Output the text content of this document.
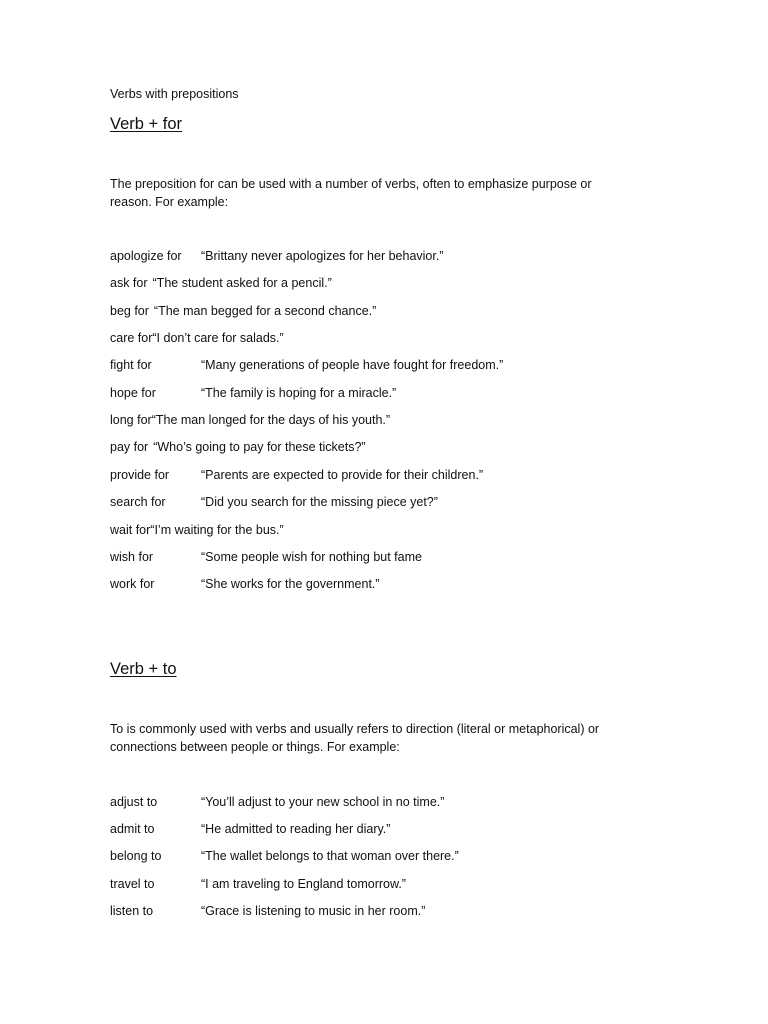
Verbs with prepositions
Verb + for
The preposition for can be used with a number of verbs, often to emphasize purpose or reason. For example:
apologize for “Brittany never apologizes for her behavior.”
ask for “The student asked for a pencil.”
beg for “The man begged for a second chance.”
care for“I don’t care for salads.”
fight for	“Many generations of people have fought for freedom.”
hope for	“The family is hoping for a miracle.”
long for“The man longed for the days of his youth.”
pay for “Who’s going to pay for these tickets?”
provide for	“Parents are expected to provide for their children.”
search for	“Did you search for the missing piece yet?”
wait for“I’m waiting for the bus.”
wish for	“Some people wish for nothing but fame
work for	“She works for the government.”
Verb + to
To is commonly used with verbs and usually refers to direction (literal or metaphorical) or connections between people or things. For example:
adjust to	“You’ll adjust to your new school in no time.”
admit to	“He admitted to reading her diary.”
belong to	“The wallet belongs to that woman over there.”
travel to	“I am traveling to England tomorrow.”
listen to	“Grace is listening to music in her room.”
